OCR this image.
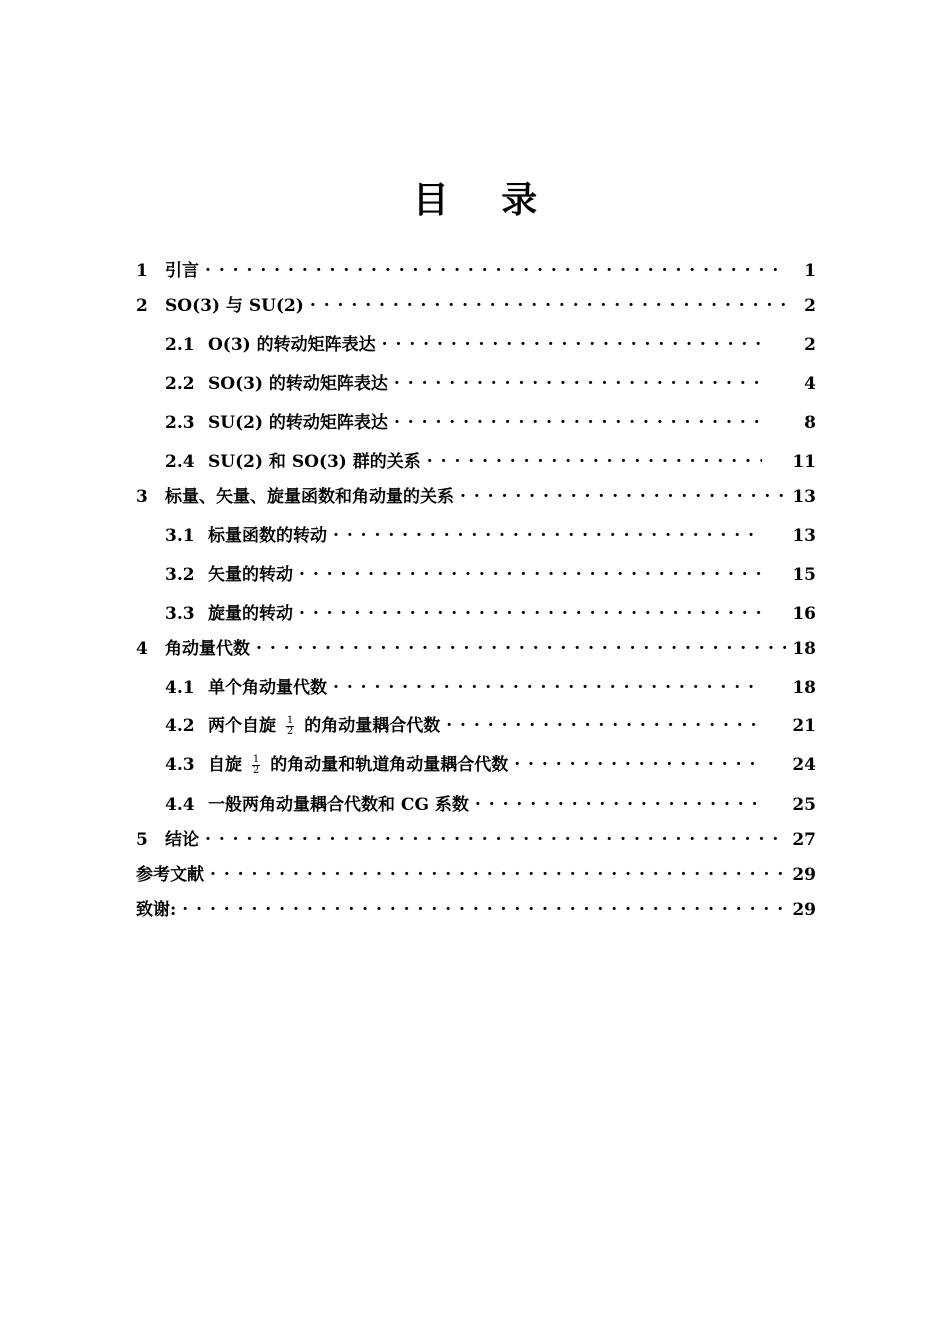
目 录
1	引言 . . .	1
2	SO(3) 与 SU(2) . . .	2
2.1 O(3) 的转动矩阵表达 . . .	2
2.2 SO(3) 的转动矩阵表达 . . .	4
2.3 SU(2) 的转动矩阵表达 . . .	8
2.4 SU(2) 和 SO(3) 群的关系 . . .	11
3	标量、矢量、旋量函数和角动量的关系 . . .	13
3.1 标量函数的转动 . . .	13
3.2 矢量的转动 . . .	15
3.3 旋量的转动 . . .	16
4	角动量代数 . . .	18
4.1 单个角动量代数 . . .	18
4.2 两个自旋 $\frac{1}{2}$ 的角动量耦合代数 . . .	21
4.3 自旋 $\frac{1}{2}$ 的角动量和轨道角动量耦合代数 . . .	24
4.4 一般两角动量耦合代数和 CG 系数 . . .	25
5	结论 . . .	27
参考文献 . . .	29
致谢: . . .	29
